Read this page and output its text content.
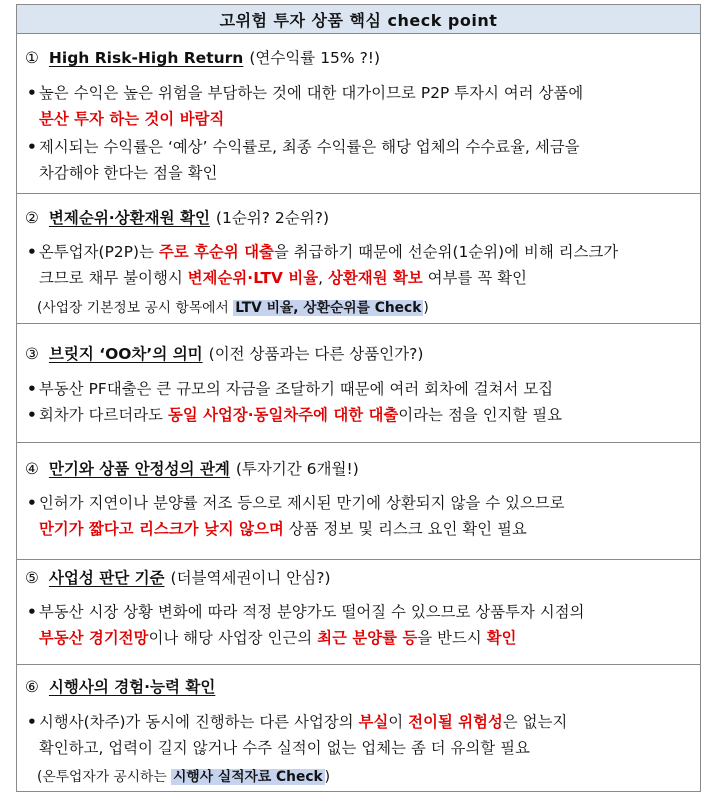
고위험 투자 상품 핵심 check point
① High Risk-High Return (연수익률 15% ?!)
• 높은 수익은 높은 위험을 부담하는 것에 대한 대가이므로 P2P 투자시 여러 상품에
분산 투자 하는 것이 바람직
• 제시되는 수익률은 ‘예상’ 수익률로, 최종 수익률은 해당 업체의 수수료율, 세금을
차감해야 한다는 점을 확인
② 변제순위·상환재원 확인 (1순위? 2순위?)
• 온투업자(P2P)는 주로 후순위 대출을 취급하기 때문에 선순위(1순위)에 비해 리스크가
크므로 채무 불이행시 변제순위·LTV 비율, 상환재원 확보 여부를 꼭 확인
(사업장 기본정보 공시 항목에서 LTV 비율, 상환순위를 Check )
③ 브릿지 ‘OO차’의 의미 (이전 상품과는 다른 상품인가?)
• 부동산 PF대출은 큰 규모의 자금을 조달하기 때문에 여러 회차에 걸쳐서 모집
• 회차가 다르더라도 동일 사업장·동일차주에 대한 대출이라는 점을 인지할 필요
④ 만기와 상품 안정성의 관계 (투자기간 6개월!)
• 인허가 지연이나 분양률 저조 등으로 제시된 만기에 상환되지 않을 수 있으므로
만기가 짧다고 리스크가 낮지 않으며 상품 정보 및 리스크 요인 확인 필요
⑤ 사업성 판단 기준 (더블역세권이니 안심?)
• 부동산 시장 상황 변화에 따라 적정 분양가도 떨어질 수 있으므로 상품투자 시점의
부동산 경기전망이나 해당 사업장 인근의 최근 분양률 등을 반드시 확인
⑥ 시행사의 경험·능력 확인
• 시행사(차주)가 동시에 진행하는 다른 사업장의 부실이 전이될 위험성은 없는지
확인하고, 업력이 길지 않거나 수주 실적이 없는 업체는 좀 더 유의할 필요
(온투업자가 공시하는 시행사 실적자료 Check )
